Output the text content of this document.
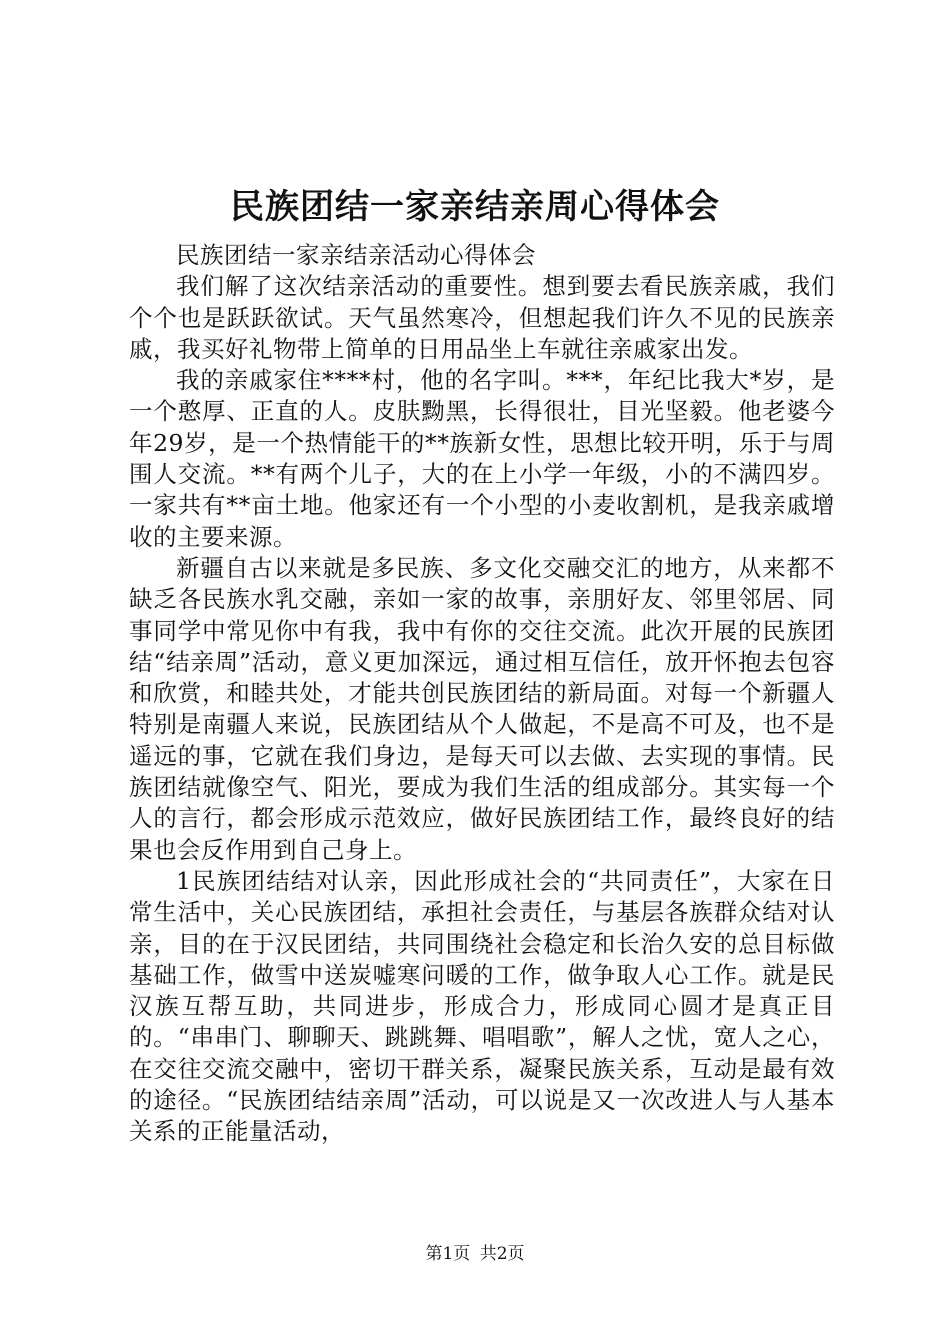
民族团结一家亲结亲周心得体会

民族团结一家亲结亲活动心得体会

我们解了这次结亲活动的重要性。想到要去看民族亲戚，我们个个也是跃跃欲试。天气虽然寒冷，但想起我们许久不见的民族亲戚，我买好礼物带上简单的日用品坐上车就往亲戚家出发。

我的亲戚家住****村，他的名字叫。***，年纪比我大*岁，是一个憨厚、正直的人。皮肤黝黑，长得很壮，目光坚毅。他老婆今年29岁，是一个热情能干的**族新女性，思想比较开明，乐于与周围人交流。**有两个儿子，大的在上小学一年级，小的不满四岁。一家共有**亩土地。他家还有一个小型的小麦收割机，是我亲戚增收的主要来源。

新疆自古以来就是多民族、多文化交融交汇的地方，从来都不缺乏各民族水乳交融，亲如一家的故事，亲朋好友、邻里邻居、同事同学中常见你中有我，我中有你的交往交流。此次开展的民族团结“结亲周”活动，意义更加深远，通过相互信任，放开怀抱去包容和欣赏，和睦共处，才能共创民族团结的新局面。对每一个新疆人特别是南疆人来说，民族团结从个人做起，不是高不可及，也不是遥远的事，它就在我们身边，是每天可以去做、去实现的事情。民族团结就像空气、阳光，要成为我们生活的组成部分。其实每一个人的言行，都会形成示范效应，做好民族团结工作，最终良好的结果也会反作用到自己身上。

1民族团结结对认亲，因此形成社会的“共同责任”，大家在日常生活中，关心民族团结，承担社会责任，与基层各族群众结对认亲，目的在于汉民团结，共同围绕社会稳定和长治久安的总目标做基础工作，做雪中送炭嘘寒问暖的工作，做争取人心工作。就是民汉族互帮互助，共同进步，形成合力，形成同心圆才是真正目的。“串串门、聊聊天、跳跳舞、唱唱歌”，解人之忧，宽人之心，在交往交流交融中，密切干群关系，凝聚民族关系，互动是最有效的途径。“民族团结结亲周”活动，可以说是又一次改进人与人基本关系的正能量活动，

第1页 共2页
